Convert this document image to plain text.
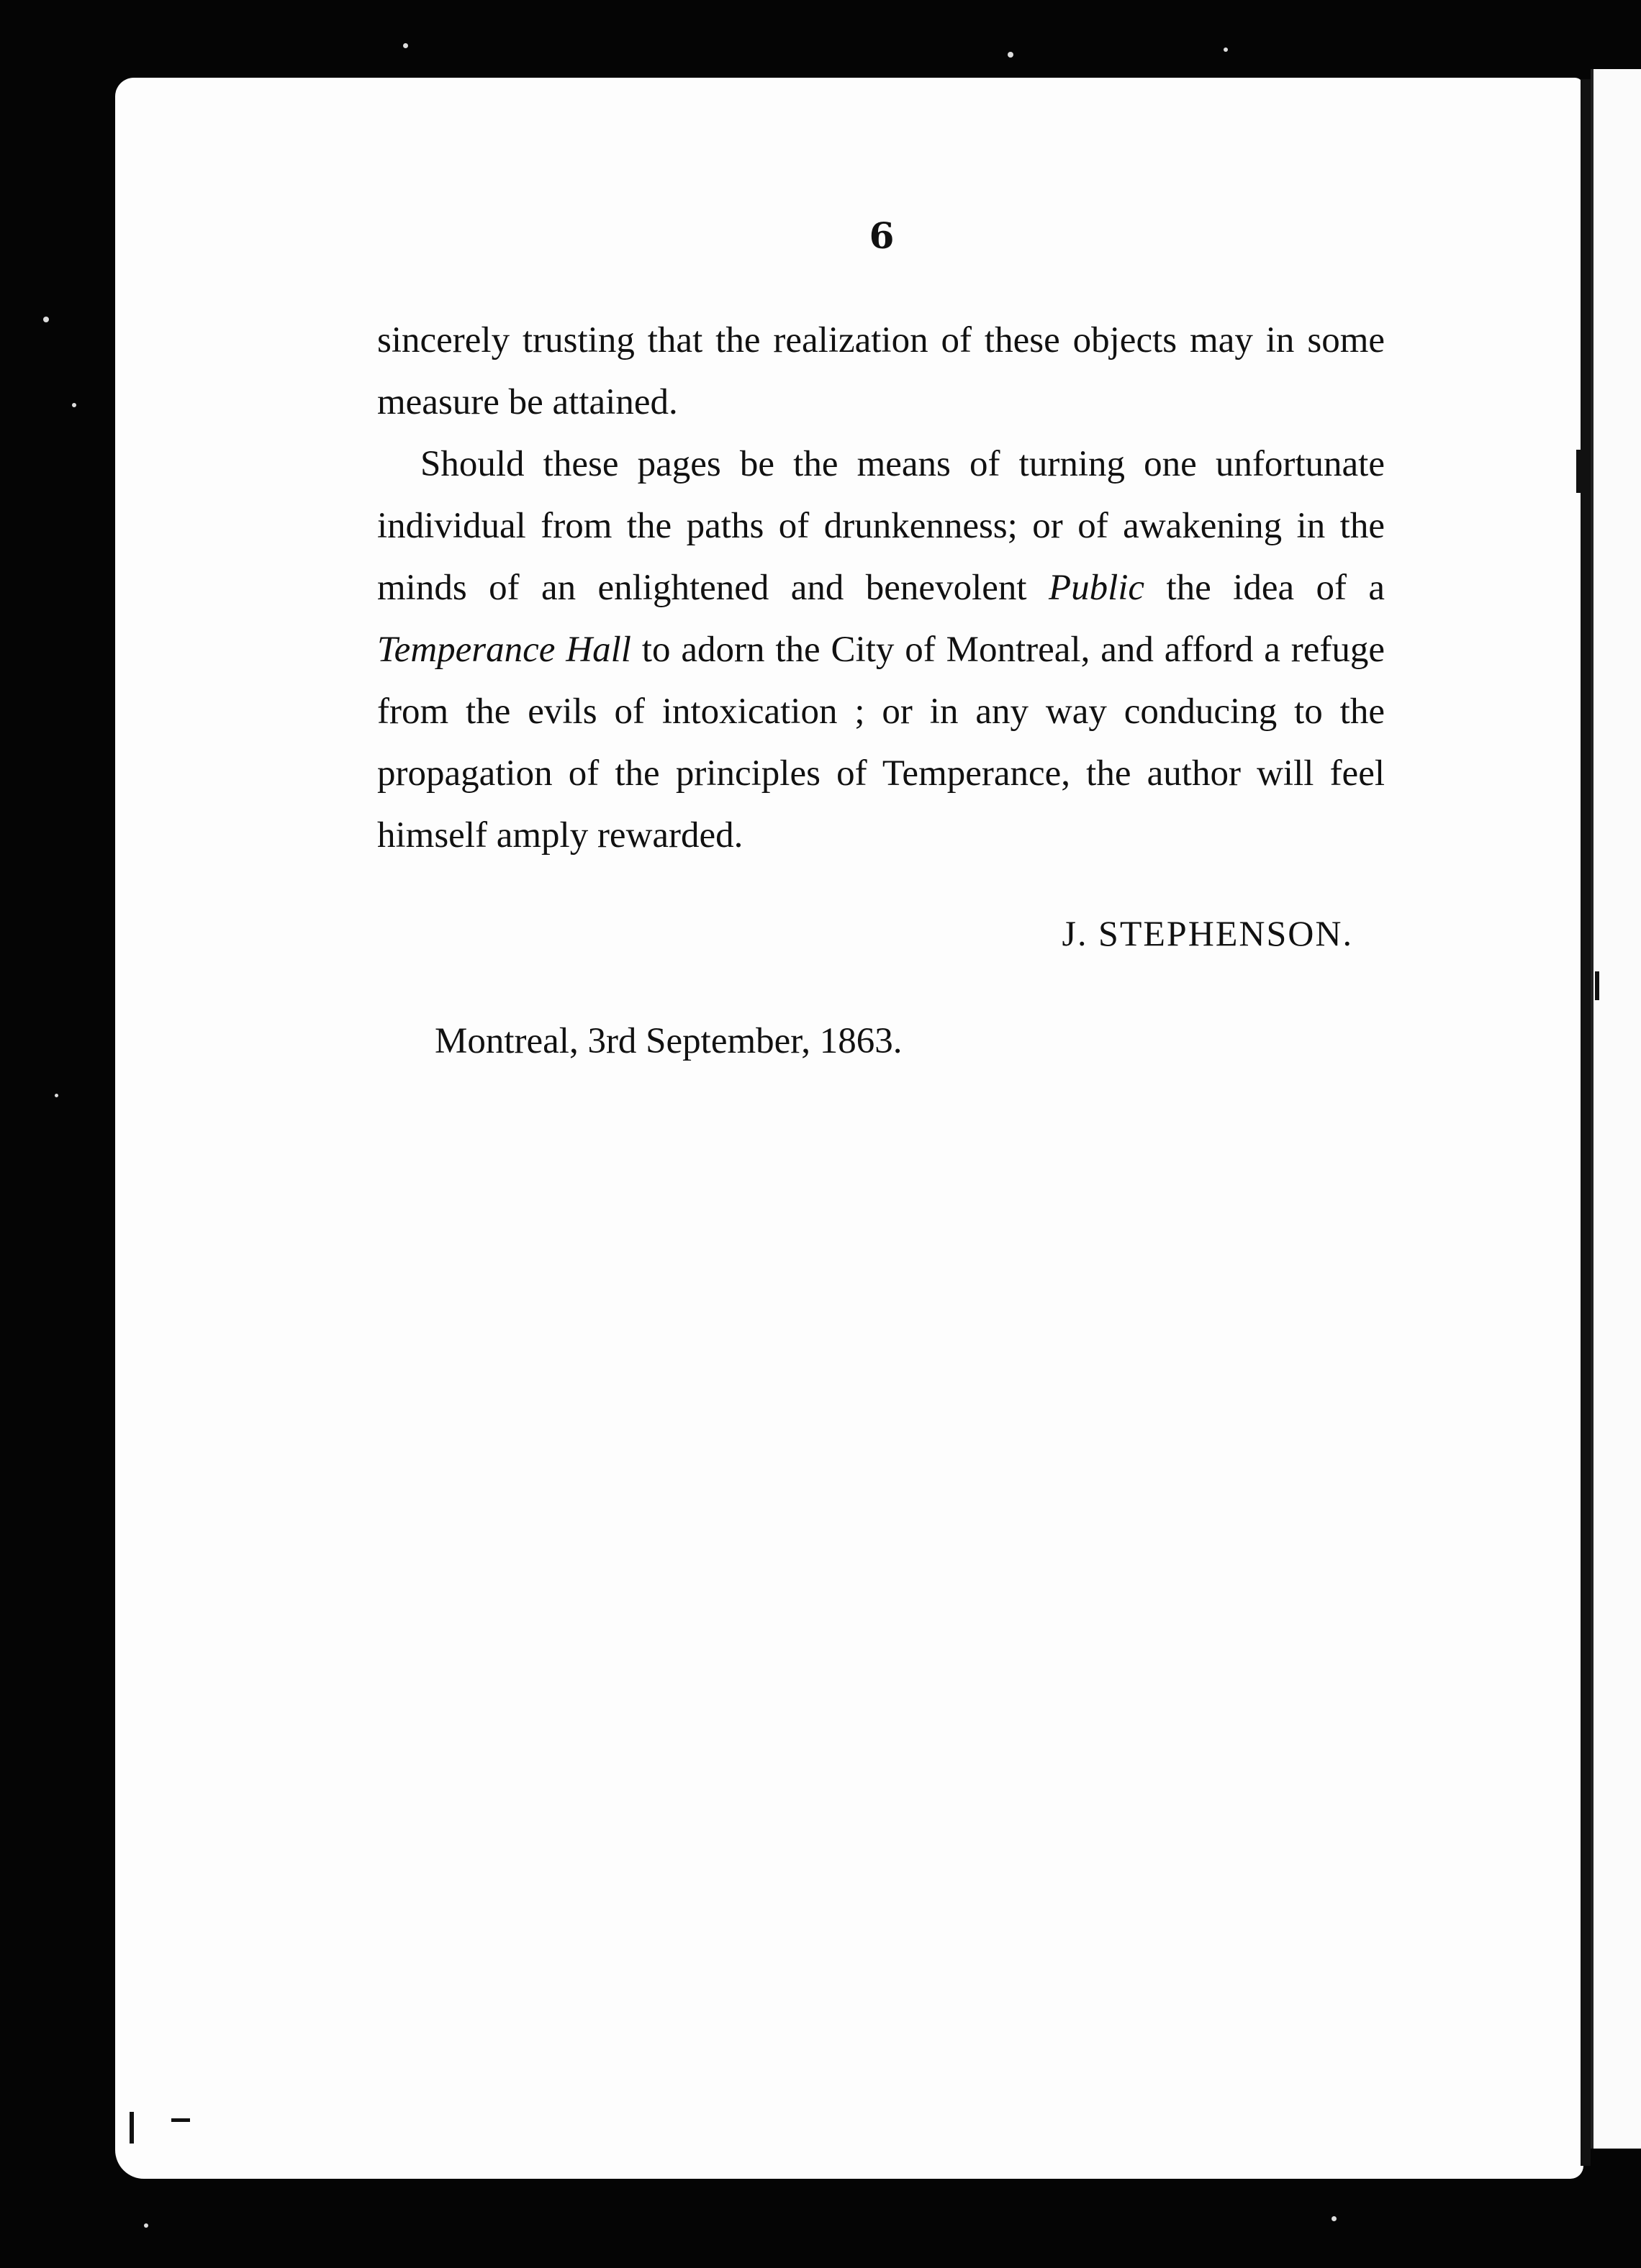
6

sincerely trusting that the realization of these objects may in some measure be attained.

Should these pages be the means of turning one unfortunate individual from the paths of drunkenness; or of awakening in the minds of an enlightened and benevolent Public the idea of a Temperance Hall to adorn the City of Montreal, and afford a refuge from the evils of intoxication ; or in any way conducing to the propagation of the principles of Temperance, the author will feel himself amply rewarded.

J. STEPHENSON.

Montreal, 3rd September, 1863.
